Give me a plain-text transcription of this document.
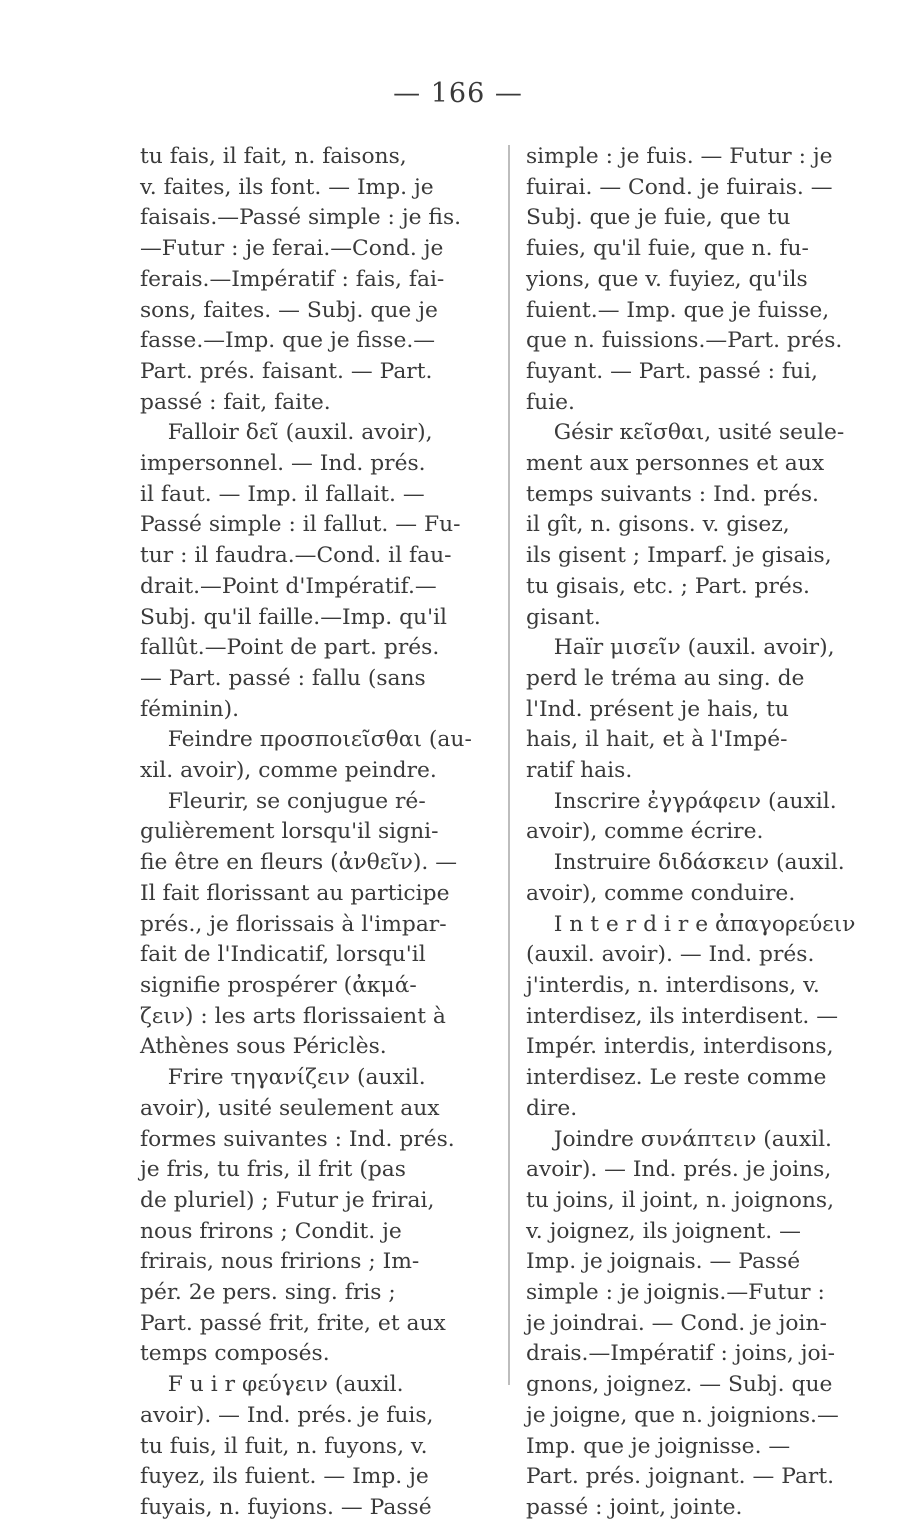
— 166 —
tu fais, il fait, n. faisons,
v. faites, ils font. — Imp. je
faisais.—Passé simple : je fis.
—Futur : je ferai.—Cond. je
ferais.—Impératif : fais, fai-
sons, faites. — Subj. que je
fasse.—Imp. que je fisse.—
Part. prés. faisant. — Part.
passé : fait, faite.
Falloir δεῖ (auxil. avoir),
impersonnel. — Ind. prés.
il faut. — Imp. il fallait. —
Passé simple : il fallut. — Fu-
tur : il faudra.—Cond. il fau-
drait.—Point d'Impératif.—
Subj. qu'il faille.—Imp. qu'il
fallût.—Point de part. prés.
— Part. passé : fallu (sans
féminin).
Feindre προσποιεῖσθαι (au-
xil. avoir), comme peindre.
Fleurir, se conjugue ré-
gulièrement lorsqu'il signi-
fie être en fleurs (ἀνθεῖν). —
Il fait florissant au participe
prés., je florissais à l'impar-
fait de l'Indicatif, lorsqu'il
signifie prospérer (ἀκμά-
ζειν) : les arts florissaient à
Athènes sous Périclès.
Frire τηγανίζειν (auxil.
avoir), usité seulement aux
formes suivantes : Ind. prés.
je fris, tu fris, il frit (pas
de pluriel) ; Futur je frirai,
nous frirons ; Condit. je
frirais, nous fririons ; Im-
pér. 2e pers. sing. fris ;
Part. passé frit, frite, et aux
temps composés.
F u i r φεύγειν (auxil.
avoir). — Ind. prés. je fuis,
tu fuis, il fuit, n. fuyons, v.
fuyez, ils fuient. — Imp. je
fuyais, n. fuyions. — Passé
simple : je fuis. — Futur : je
fuirai. — Cond. je fuirais. —
Subj. que je fuie, que tu
fuies, qu'il fuie, que n. fu-
yions, que v. fuyiez, qu'ils
fuient.— Imp. que je fuisse,
que n. fuissions.—Part. prés.
fuyant. — Part. passé : fui,
fuie.
Gésir κεῖσθαι, usité seule-
ment aux personnes et aux
temps suivants : Ind. prés.
il gît, n. gisons. v. gisez,
ils gisent ; Imparf. je gisais,
tu gisais, etc. ; Part. prés.
gisant.
Haïr μισεῖν (auxil. avoir),
perd le tréma au sing. de
l'Ind. présent je hais, tu
hais, il hait, et à l'Impé-
ratif hais.
Inscrire ἐγγράφειν (auxil.
avoir), comme écrire.
Instruire διδάσκειν (auxil.
avoir), comme conduire.
I n t e r d i r e ἀπαγορεύειν
(auxil. avoir). — Ind. prés.
j'interdis, n. interdisons, v.
interdisez, ils interdisent. —
Impér. interdis, interdisons,
interdisez. Le reste comme
dire.
Joindre συνάπτειν (auxil.
avoir). — Ind. prés. je joins,
tu joins, il joint, n. joignons,
v. joignez, ils joignent. —
Imp. je joignais. — Passé
simple : je joignis.—Futur :
je joindrai. — Cond. je join-
drais.—Impératif : joins, joi-
gnons, joignez. — Subj. que
je joigne, que n. joignions.—
Imp. que je joignisse. —
Part. prés. joignant. — Part.
passé : joint, jointe.
